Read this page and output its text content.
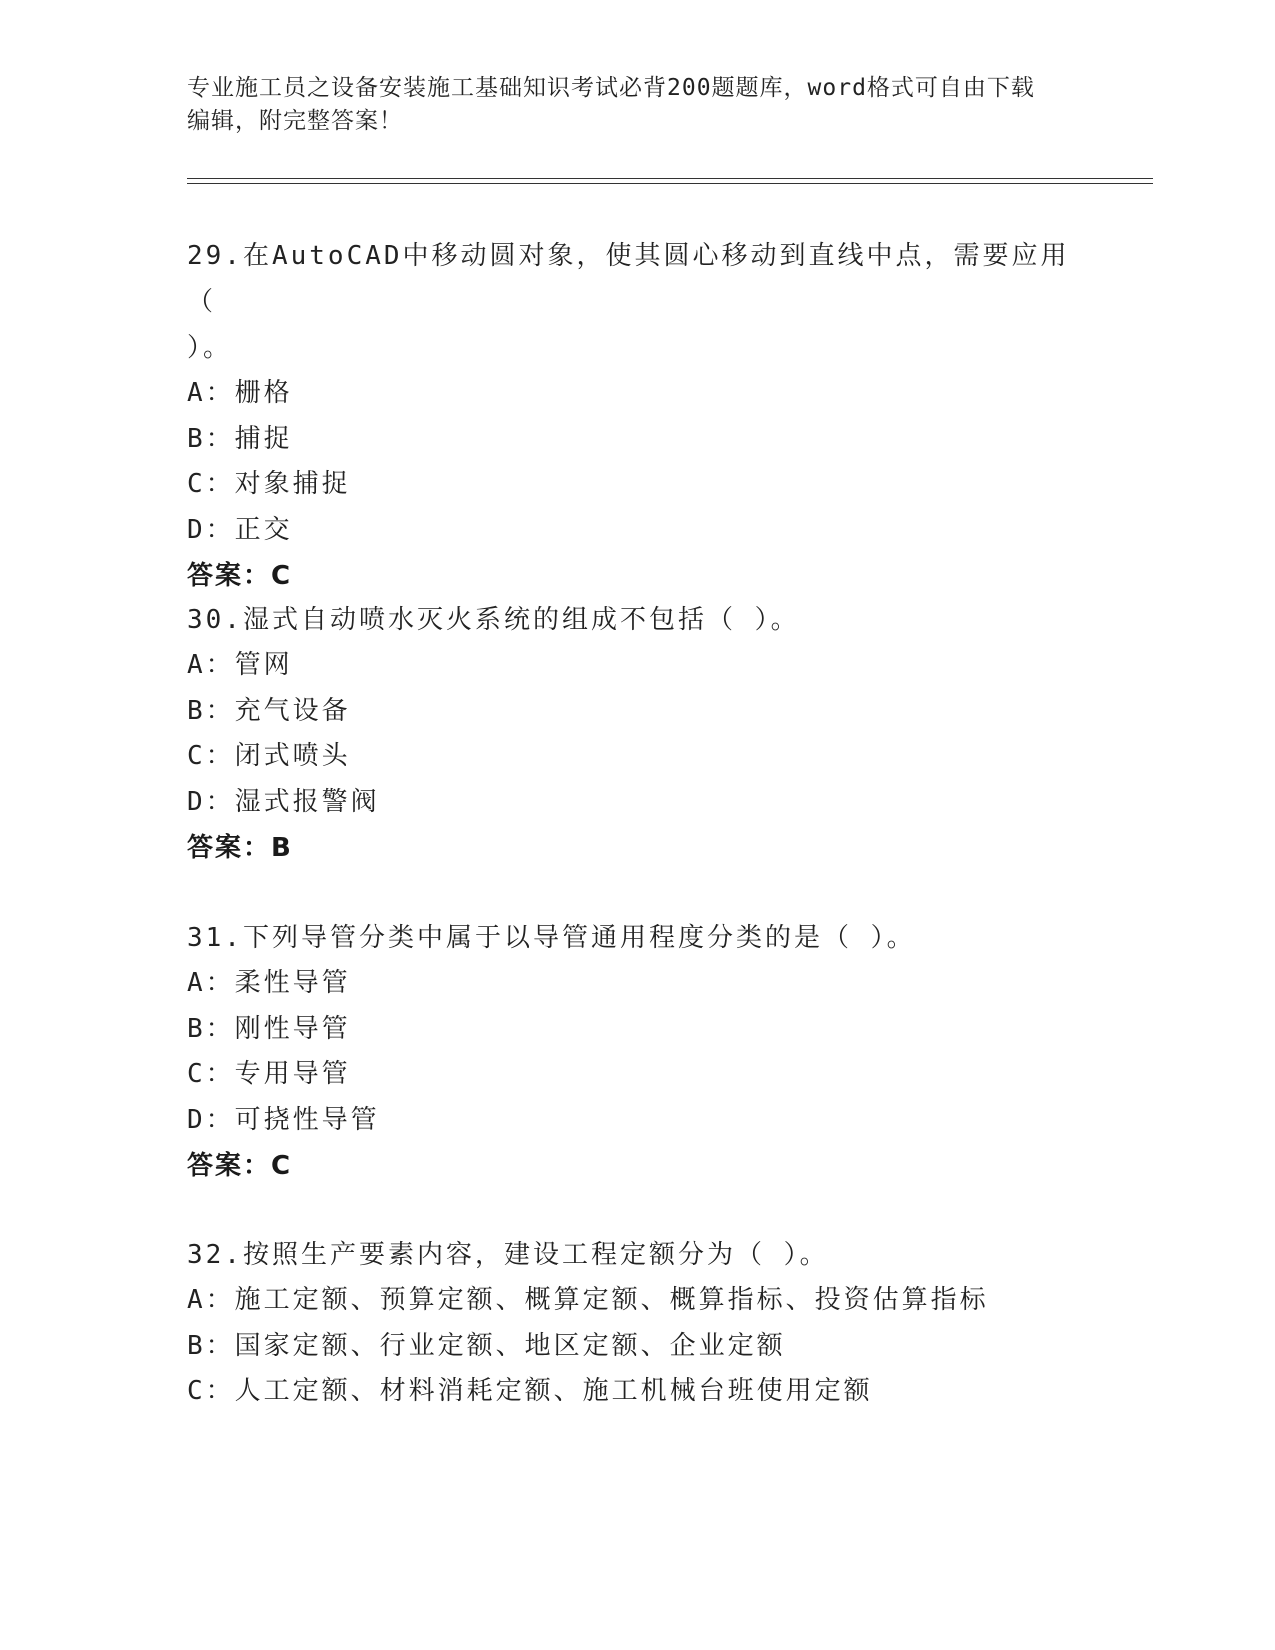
专业施工员之设备安装施工基础知识考试必背200题题库，word格式可自由下载

编辑，附完整答案！

29.在AutoCAD中移动圆对象，使其圆心移动到直线中点，需要应用（

）。

A：栅格

B：捕捉

C：对象捕捉

D：正交

答案：C

30.湿式自动喷水灭火系统的组成不包括（ ）。

A：管网

B：充气设备

C：闭式喷头

D：湿式报警阀

答案：B

31.下列导管分类中属于以导管通用程度分类的是（ ）。

A：柔性导管

B：刚性导管

C：专用导管

D：可挠性导管

答案：C

32.按照生产要素内容，建设工程定额分为（ ）。

A：施工定额、预算定额、概算定额、概算指标、投资估算指标

B：国家定额、行业定额、地区定额、企业定额

C：人工定额、材料消耗定额、施工机械台班使用定额
